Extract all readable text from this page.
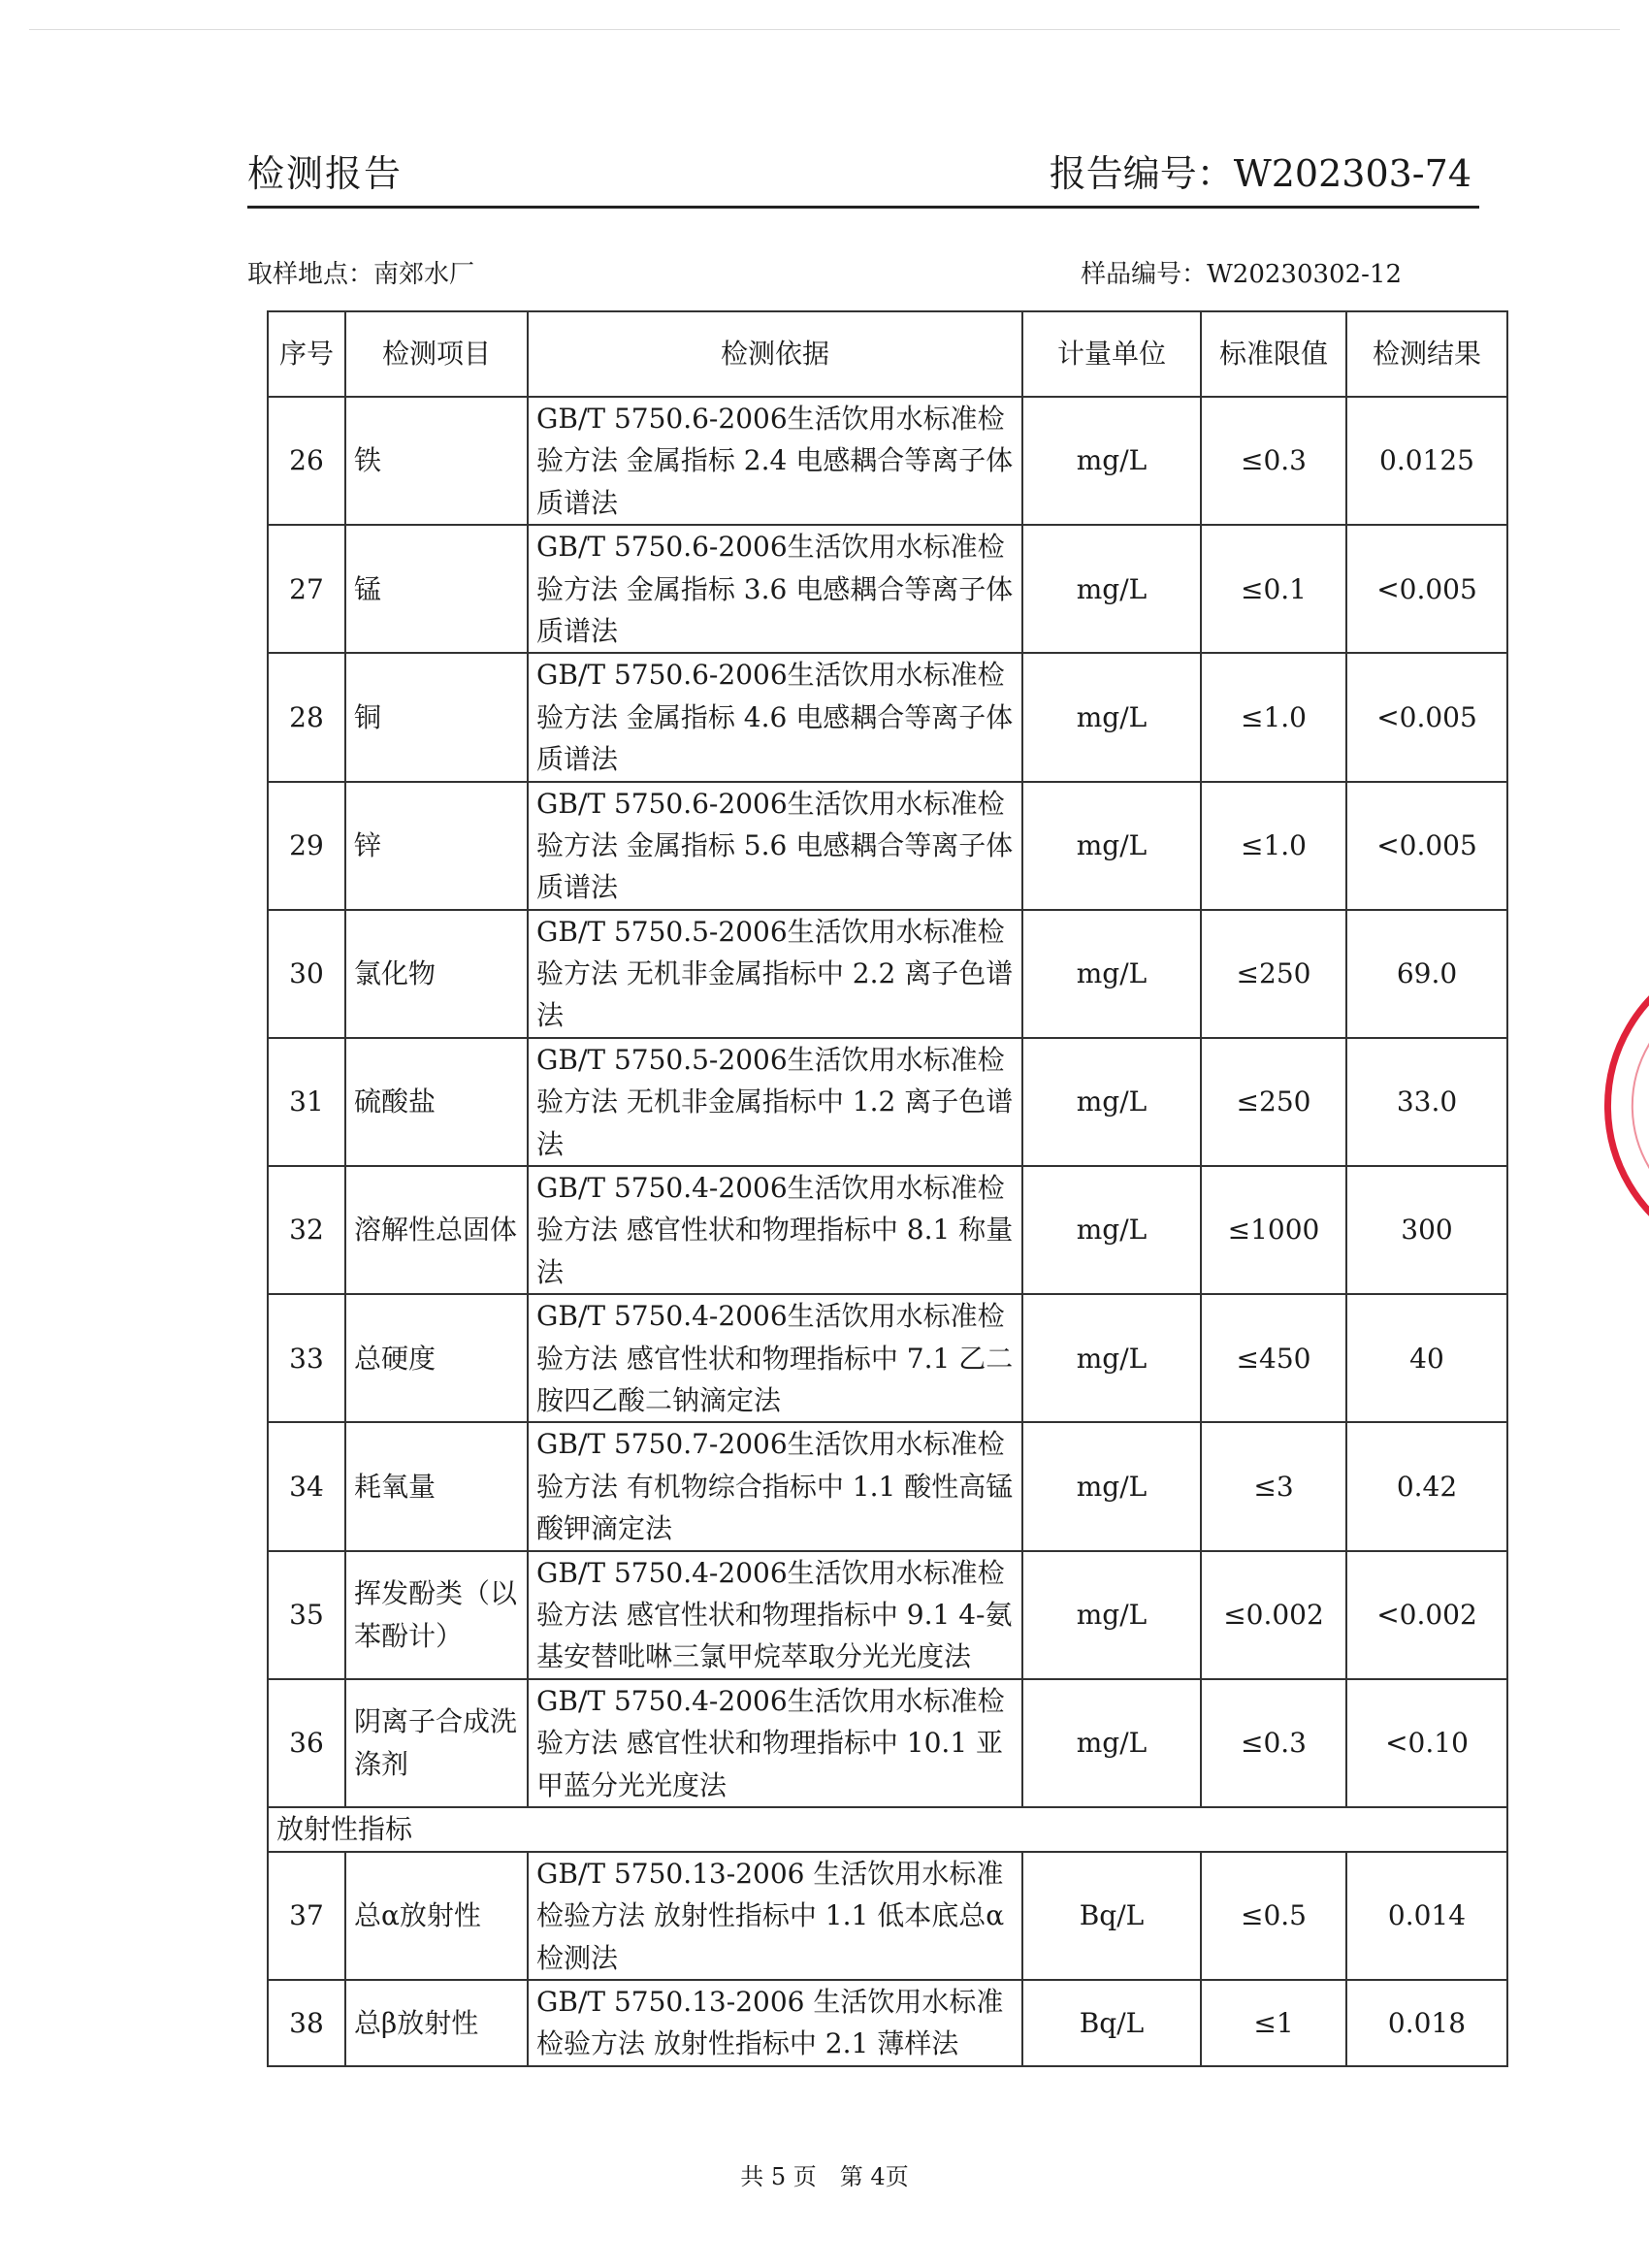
检测报告	报告编号：W202303-74
取样地点：南郊水厂	样品编号：W20230302-12
序号	检测项目	检测依据	计量单位	标准限值	检测结果
26	铁	GB/T 5750.6-2006生活饮用水标准检验方法 金属指标 2.4 电感耦合等离子体质谱法	mg/L	≤0.3	0.0125
27	锰	GB/T 5750.6-2006生活饮用水标准检验方法 金属指标 3.6 电感耦合等离子体质谱法	mg/L	≤0.1	<0.005
28	铜	GB/T 5750.6-2006生活饮用水标准检验方法 金属指标 4.6 电感耦合等离子体质谱法	mg/L	≤1.0	<0.005
29	锌	GB/T 5750.6-2006生活饮用水标准检验方法 金属指标 5.6 电感耦合等离子体质谱法	mg/L	≤1.0	<0.005
30	氯化物	GB/T 5750.5-2006生活饮用水标准检验方法 无机非金属指标中 2.2 离子色谱法	mg/L	≤250	69.0
31	硫酸盐	GB/T 5750.5-2006生活饮用水标准检验方法 无机非金属指标中 1.2 离子色谱法	mg/L	≤250	33.0
32	溶解性总固体	GB/T 5750.4-2006生活饮用水标准检验方法 感官性状和物理指标中 8.1 称量法	mg/L	≤1000	300
33	总硬度	GB/T 5750.4-2006生活饮用水标准检验方法 感官性状和物理指标中 7.1 乙二胺四乙酸二钠滴定法	mg/L	≤450	40
34	耗氧量	GB/T 5750.7-2006生活饮用水标准检验方法 有机物综合指标中 1.1 酸性高锰酸钾滴定法	mg/L	≤3	0.42
35	挥发酚类（以苯酚计）	GB/T 5750.4-2006生活饮用水标准检验方法 感官性状和物理指标中 9.1 4-氨基安替吡啉三氯甲烷萃取分光光度法	mg/L	≤0.002	<0.002
36	阴离子合成洗涤剂	GB/T 5750.4-2006生活饮用水标准检验方法 感官性状和物理指标中 10.1 亚甲蓝分光光度法	mg/L	≤0.3	<0.10
放射性指标					
37	总α放射性	GB/T 5750.13-2006 生活饮用水标准检验方法 放射性指标中 1.1 低本底总α检测法	Bq/L	≤0.5	0.014
38	总β放射性	GB/T 5750.13-2006 生活饮用水标准检验方法 放射性指标中 2.1 薄样法	Bq/L	≤1	0.018
共 5 页　第 4页
